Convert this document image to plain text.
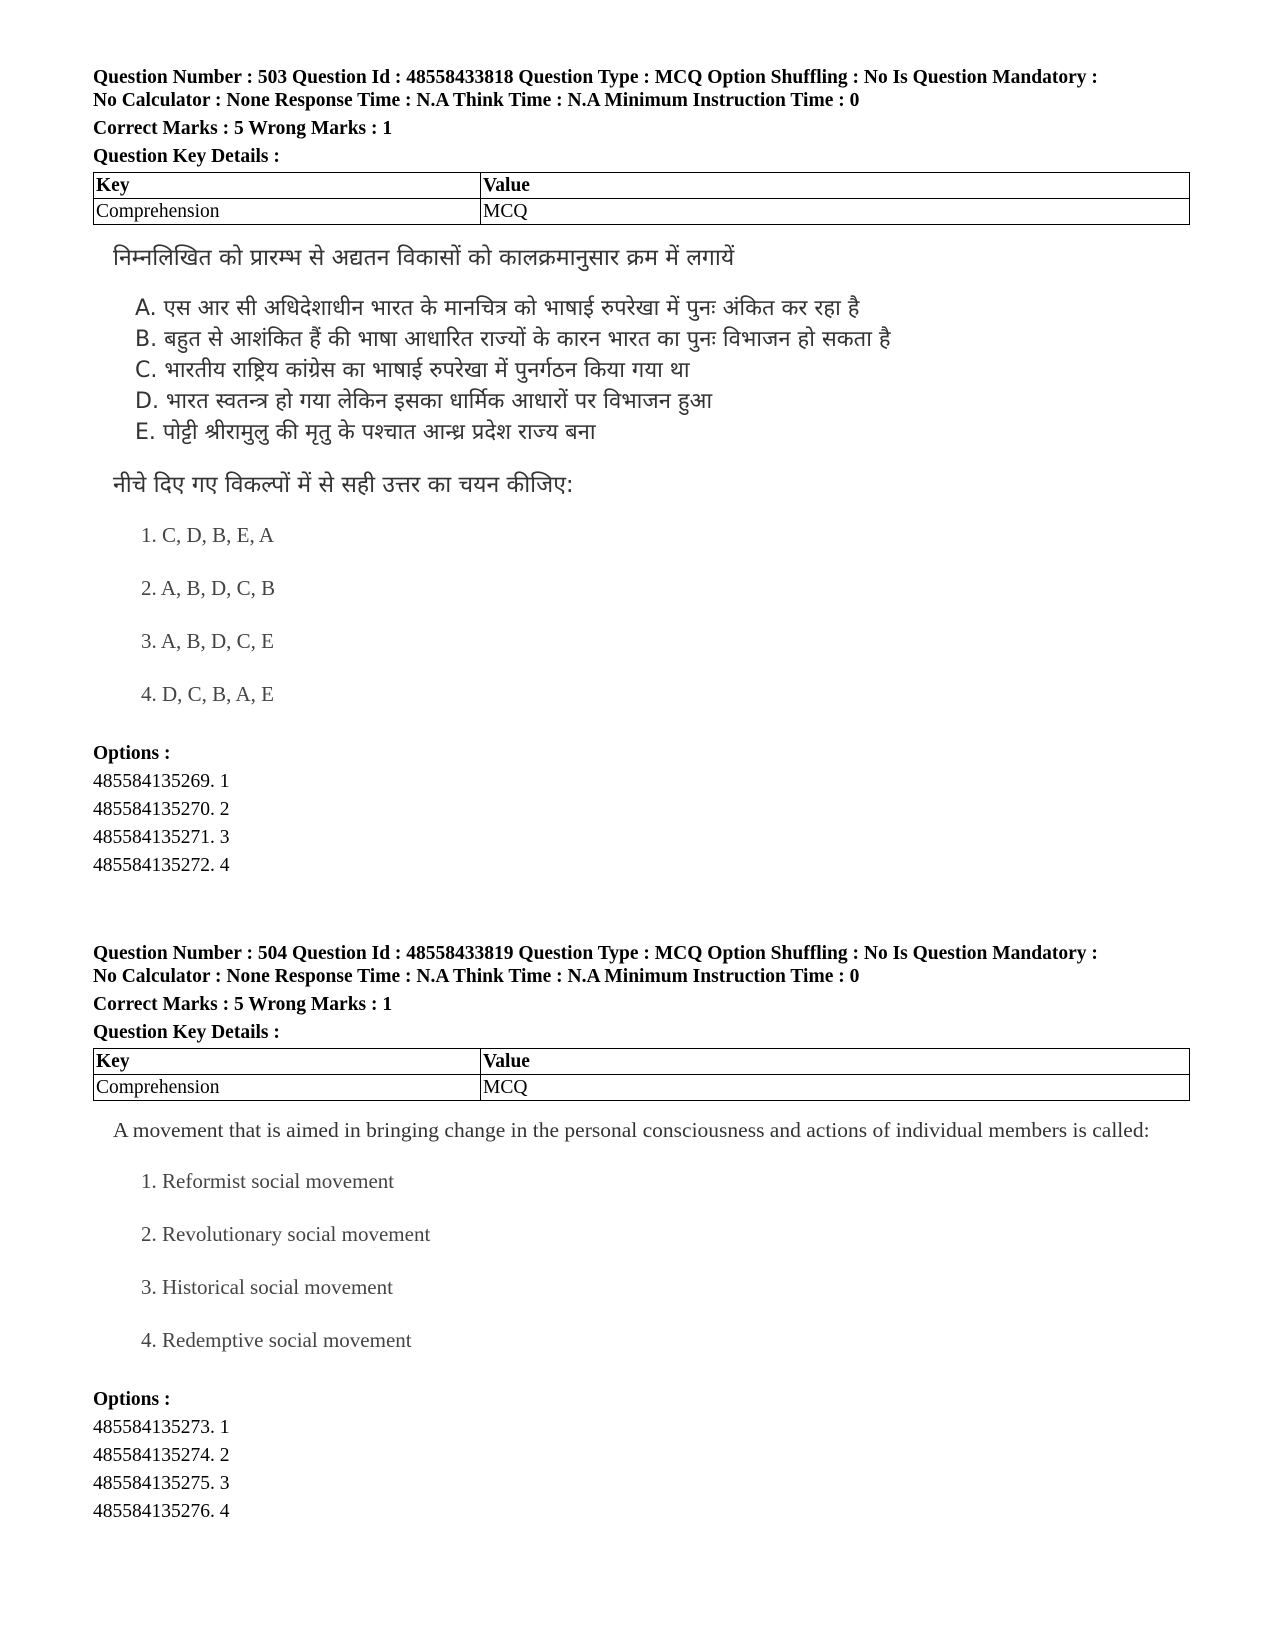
Question Number : 503 Question Id : 48558433818 Question Type : MCQ Option Shuffling : No Is Question Mandatory :
No Calculator : None Response Time : N.A Think Time : N.A Minimum Instruction Time : 0

Correct Marks : 5 Wrong Marks : 1

Question Key Details :

Key	Value
Comprehension	MCQ

निम्नलिखित को प्रारम्भ से अद्यतन विकासों को कालक्रमानुसार क्रम में लगायें

A. एस आर सी अधिदेशाधीन भारत के मानचित्र को भाषाई रुपरेखा में पुनः अंकित कर रहा है
B. बहुत से आशंकित हैं की भाषा आधारित राज्यों के कारन भारत का पुनः विभाजन हो सकता है
C. भारतीय राष्ट्रिय कांग्रेस का भाषाई रुपरेखा में पुनर्गठन किया गया था
D. भारत स्वतन्त्र हो गया लेकिन इसका धार्मिक आधारों पर विभाजन हुआ
E. पोट्टी श्रीरामुलु की मृतु के पश्चात आन्ध्र प्रदेश राज्य बना

नीचे दिए गए विकल्पों में से सही उत्तर का चयन कीजिए:

1. C, D, B, E, A
2. A, B, D, C, B
3. A, B, D, C, E
4. D, C, B, A, E

Options :

485584135269. 1
485584135270. 2
485584135271. 3
485584135272. 4

Question Number : 504 Question Id : 48558433819 Question Type : MCQ Option Shuffling : No Is Question Mandatory :
No Calculator : None Response Time : N.A Think Time : N.A Minimum Instruction Time : 0

Correct Marks : 5 Wrong Marks : 1

Question Key Details :

Key	Value
Comprehension	MCQ

A movement that is aimed in bringing change in the personal consciousness and actions of individual members is called:

1. Reformist social movement
2. Revolutionary social movement
3. Historical social movement
4. Redemptive social movement

Options :

485584135273. 1
485584135274. 2
485584135275. 3
485584135276. 4
